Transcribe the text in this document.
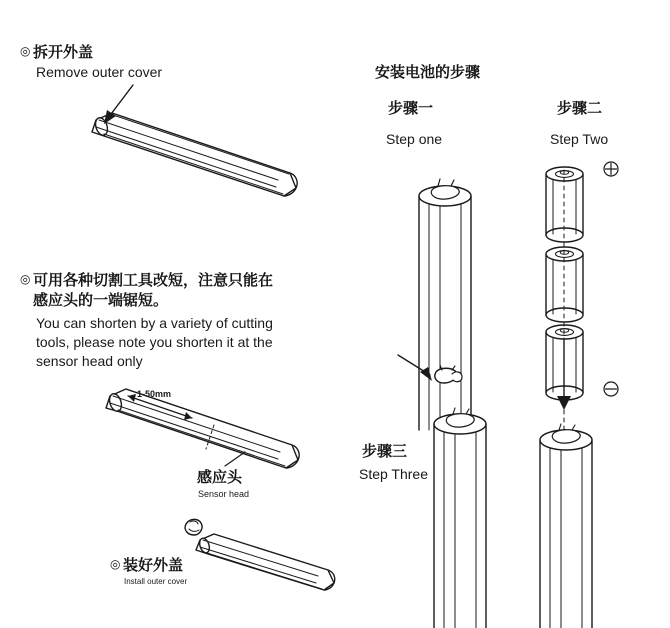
◎ 拆开外盖
Remove outer cover
◎ 可用各种切割工具改短，注意只能在
感应头的一端锯短。
You can shorten by a variety of cutting
tools, please note you shorten it at the
sensor head only
1-50mm
感应头
Sensor head
◎ 装好外盖
Install outer cover
安装电池的步骤
步骤一
Step one
步骤二
Step Two
步骤三
Step Three
